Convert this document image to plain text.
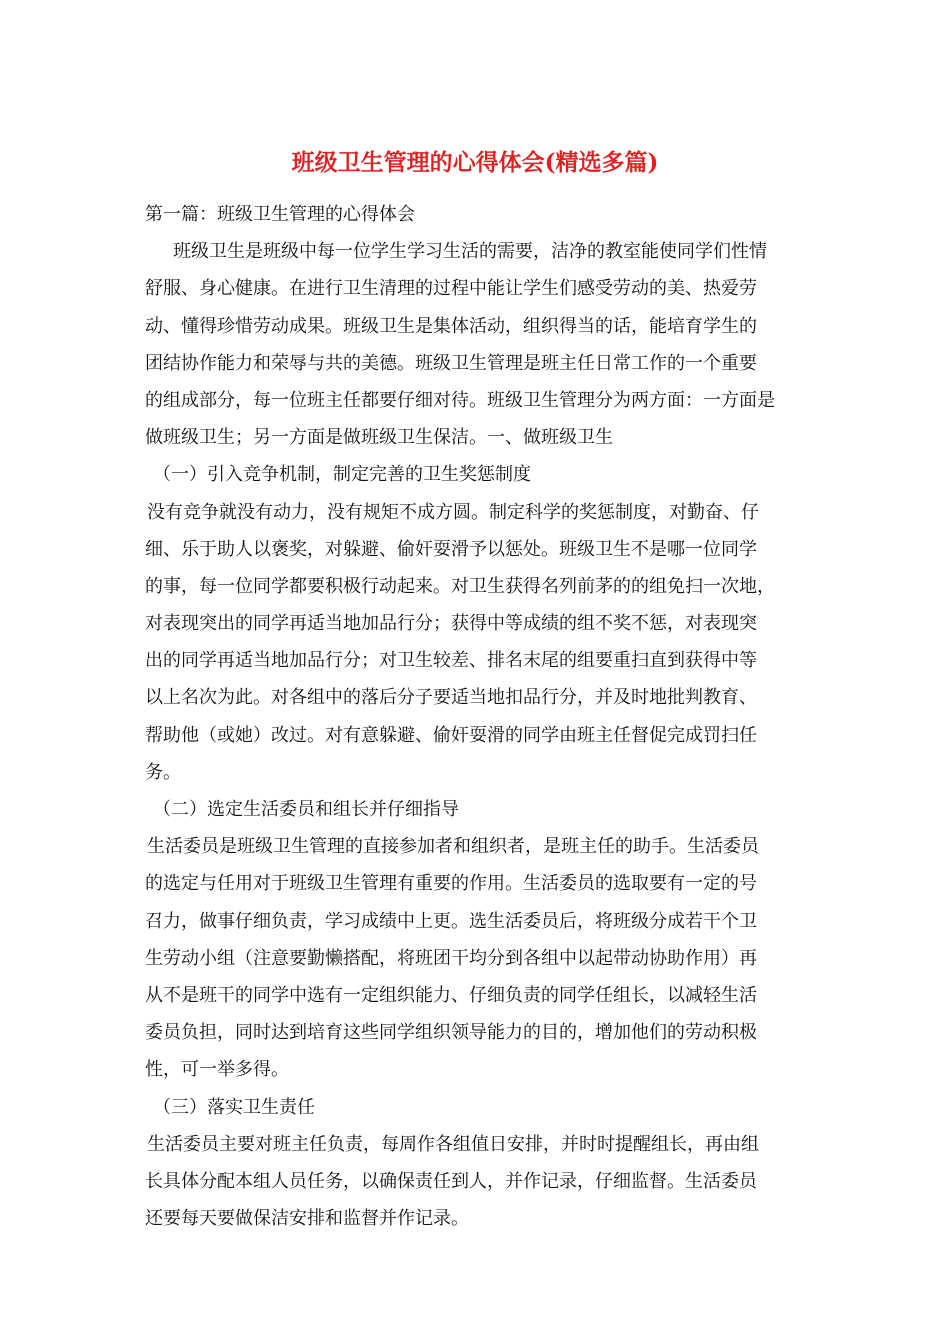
班级卫生管理的心得体会(精选多篇)
第一篇：班级卫生管理的心得体会
班级卫生是班级中每一位学生学习生活的需要，洁净的教室能使同学们性情
舒服、身心健康。在进行卫生清理的过程中能让学生们感受劳动的美、热爱劳
动、懂得珍惜劳动成果。班级卫生是集体活动，组织得当的话，能培育学生的
团结协作能力和荣辱与共的美德。班级卫生管理是班主任日常工作的一个重要
的组成部分，每一位班主任都要仔细对待。班级卫生管理分为两方面：一方面是
做班级卫生；另一方面是做班级卫生保洁。一、做班级卫生
（一）引入竞争机制，制定完善的卫生奖惩制度
没有竞争就没有动力，没有规矩不成方圆。制定科学的奖惩制度，对勤奋、仔
细、乐于助人以褒奖，对躲避、偷奸耍滑予以惩处。班级卫生不是哪一位同学
的事，每一位同学都要积极行动起来。对卫生获得名列前茅的的组免扫一次地，
对表现突出的同学再适当地加品行分；获得中等成绩的组不奖不惩，对表现突
出的同学再适当地加品行分；对卫生较差、排名末尾的组要重扫直到获得中等
以上名次为此。对各组中的落后分子要适当地扣品行分，并及时地批判教育、
帮助他（或她）改过。对有意躲避、偷奸耍滑的同学由班主任督促完成罚扫任
务。
（二）选定生活委员和组长并仔细指导
生活委员是班级卫生管理的直接参加者和组织者，是班主任的助手。生活委员
的选定与任用对于班级卫生管理有重要的作用。生活委员的选取要有一定的号
召力，做事仔细负责，学习成绩中上更。选生活委员后，将班级分成若干个卫
生劳动小组（注意要勤懒搭配，将班团干均分到各组中以起带动协助作用）再
从不是班干的同学中选有一定组织能力、仔细负责的同学任组长，以减轻生活
委员负担，同时达到培育这些同学组织领导能力的目的，增加他们的劳动积极
性，可一举多得。
（三）落实卫生责任
生活委员主要对班主任负责，每周作各组值日安排，并时时提醒组长，再由组
长具体分配本组人员任务，以确保责任到人，并作记录，仔细监督。生活委员
还要每天要做保洁安排和监督并作记录。
